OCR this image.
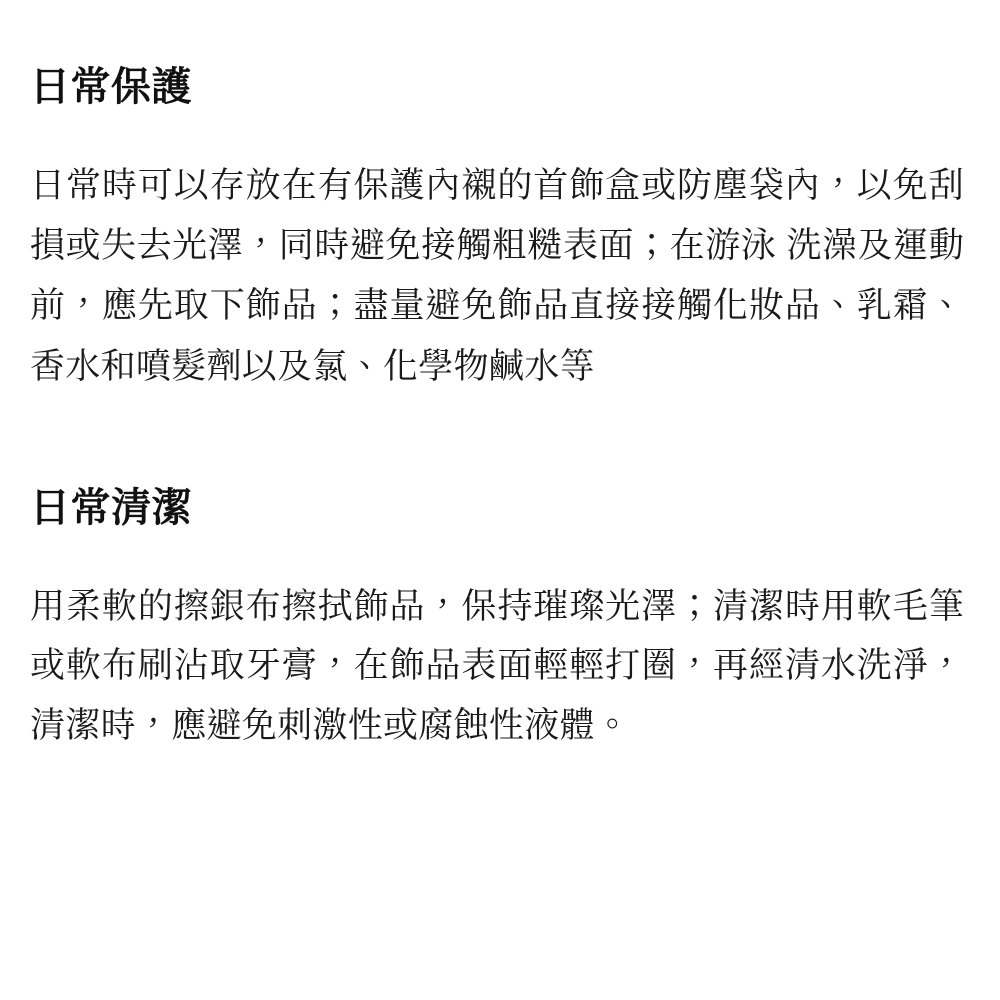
日常保護

日常時可以存放在有保護內襯的首飾盒或防塵袋內，以免刮損或失去光澤，同時避免接觸粗糙表面；在游泳 洗澡及運動前，應先取下飾品；盡量避免飾品直接接觸化妝品、乳霜、香水和噴髮劑以及氯、化學物鹹水等

日常清潔

用柔軟的擦銀布擦拭飾品，保持璀璨光澤；清潔時用軟毛筆或軟布刷沾取牙膏，在飾品表面輕輕打圈，再經清水洗淨，清潔時，應避免刺激性或腐蝕性液體。
